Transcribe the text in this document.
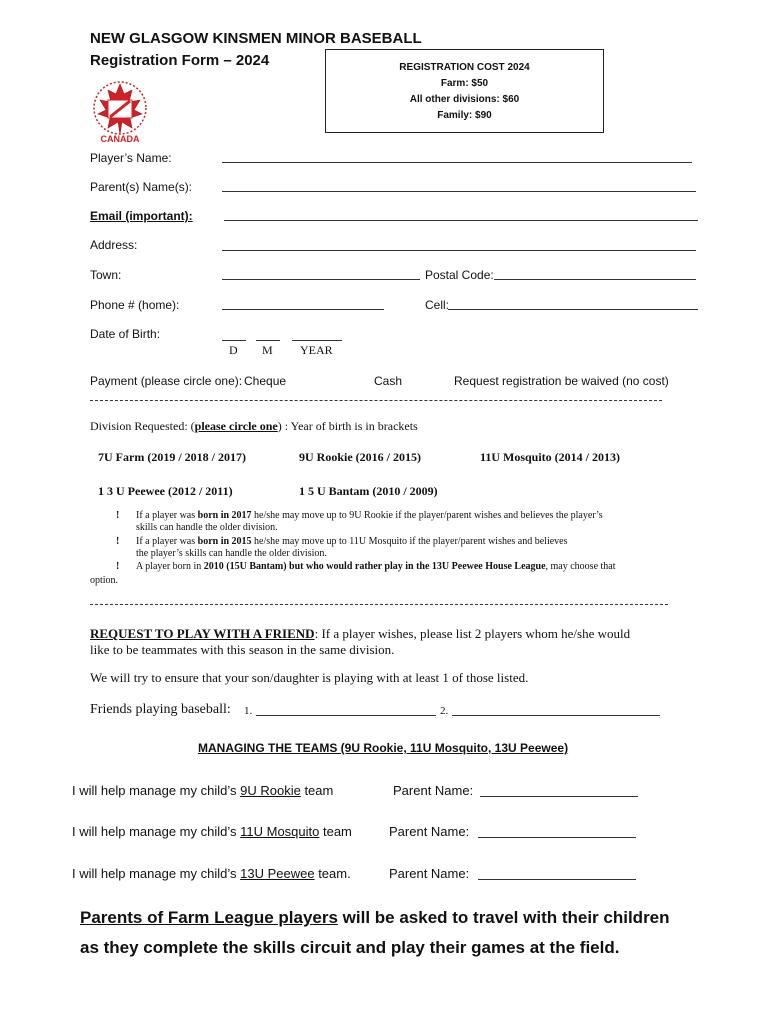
NEW GLASGOW KINSMEN MINOR BASEBALL
Registration Form – 2024
CANADA
REGISTRATION COST 2024
Farm: $50
All other divisions: $60
Family: $90
Player’s Name:
Parent(s) Name(s):
Email (important):
Address:
Town:	Postal Code:
Phone # (home):	Cell:
Date of Birth:
D M YEAR
Payment (please circle one): Cheque	Cash	Request registration be waived (no cost)
Division Requested: (please circle one) : Year of birth is in brackets
7U Farm (2019 / 2018 / 2017)	9U Rookie (2016 / 2015)	11U Mosquito (2014 / 2013)
1 3 U Peewee (2012 / 2011)	1 5 U Bantam (2010 / 2009)
! If a player was born in 2017 he/she may move up to 9U Rookie if the player/parent wishes and believes the player’s
skills can handle the older division.
! If a player was born in 2015 he/she may move up to 11U Mosquito if the player/parent wishes and believes
the player’s skills can handle the older division.
! A player born in 2010 (15U Bantam) but who would rather play in the 13U Peewee House League, may choose that
option.
REQUEST TO PLAY WITH A FRIEND: If a player wishes, please list 2 players whom he/she would
like to be teammates with this season in the same division.
We will try to ensure that your son/daughter is playing with at least 1 of those listed.
Friends playing baseball: 1.	2.
MANAGING THE TEAMS (9U Rookie, 11U Mosquito, 13U Peewee)
I will help manage my child’s 9U Rookie team	Parent Name:
I will help manage my child’s 11U Mosquito team	Parent Name:
I will help manage my child’s 13U Peewee team.	Parent Name:
Parents of Farm League players will be asked to travel with their children
as they complete the skills circuit and play their games at the field.
